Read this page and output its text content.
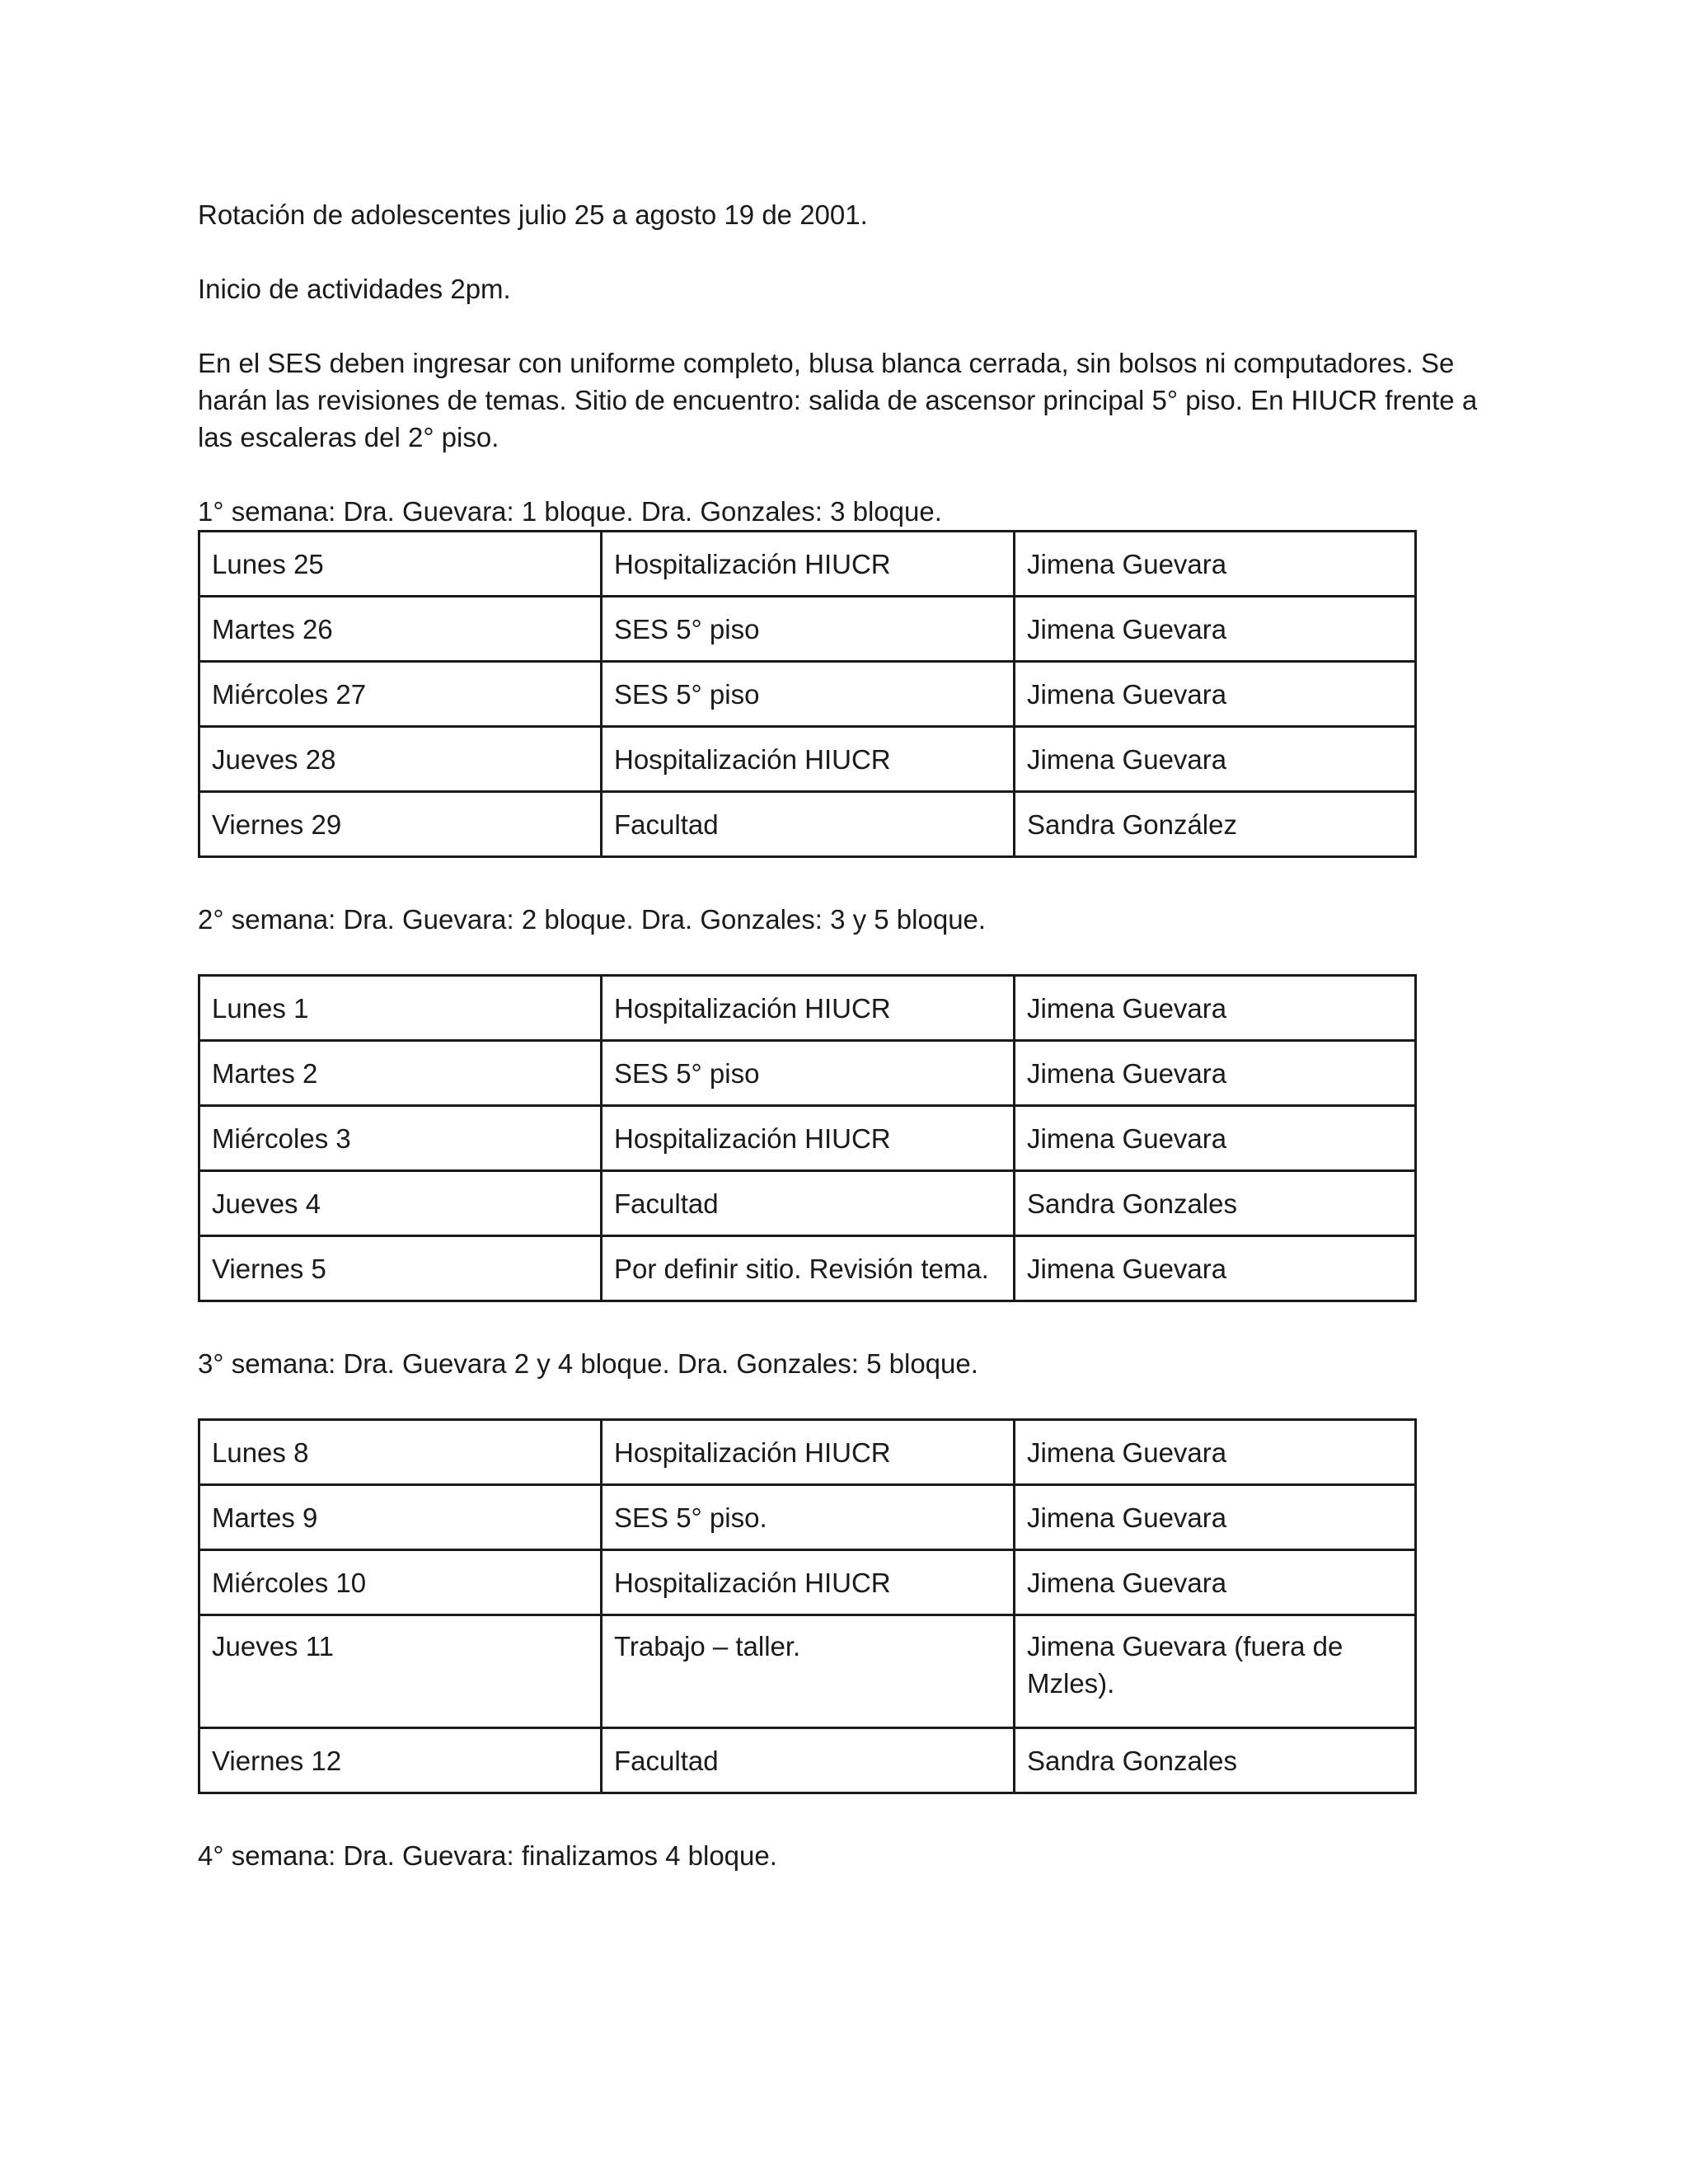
Rotación de adolescentes julio 25 a agosto 19 de 2001.

Inicio de actividades 2pm.

En el SES deben ingresar con uniforme completo, blusa blanca cerrada, sin bolsos ni computadores. Se harán las revisiones de temas. Sitio de encuentro: salida de ascensor principal 5° piso. En HIUCR frente a las escaleras del 2° piso.

1° semana: Dra. Guevara: 1 bloque. Dra. Gonzales: 3 bloque.

Lunes 25	Hospitalización HIUCR	Jimena Guevara
Martes 26	SES 5° piso	Jimena Guevara
Miércoles 27	SES 5° piso	Jimena Guevara
Jueves 28	Hospitalización HIUCR	Jimena Guevara
Viernes 29	Facultad	Sandra González

2° semana: Dra. Guevara: 2 bloque. Dra. Gonzales: 3 y 5 bloque.

Lunes 1	Hospitalización HIUCR	Jimena Guevara
Martes 2	SES 5° piso	Jimena Guevara
Miércoles 3	Hospitalización HIUCR	Jimena Guevara
Jueves 4	Facultad	Sandra Gonzales
Viernes 5	Por definir sitio. Revisión tema.	Jimena Guevara

3° semana: Dra. Guevara 2 y 4 bloque. Dra. Gonzales: 5 bloque.

Lunes 8	Hospitalización HIUCR	Jimena Guevara
Martes 9	SES 5° piso.	Jimena Guevara
Miércoles 10	Hospitalización HIUCR	Jimena Guevara
Jueves 11	Trabajo – taller.	Jimena Guevara (fuera de Mzles).
Viernes 12	Facultad	Sandra Gonzales

4° semana: Dra. Guevara: finalizamos 4 bloque.
